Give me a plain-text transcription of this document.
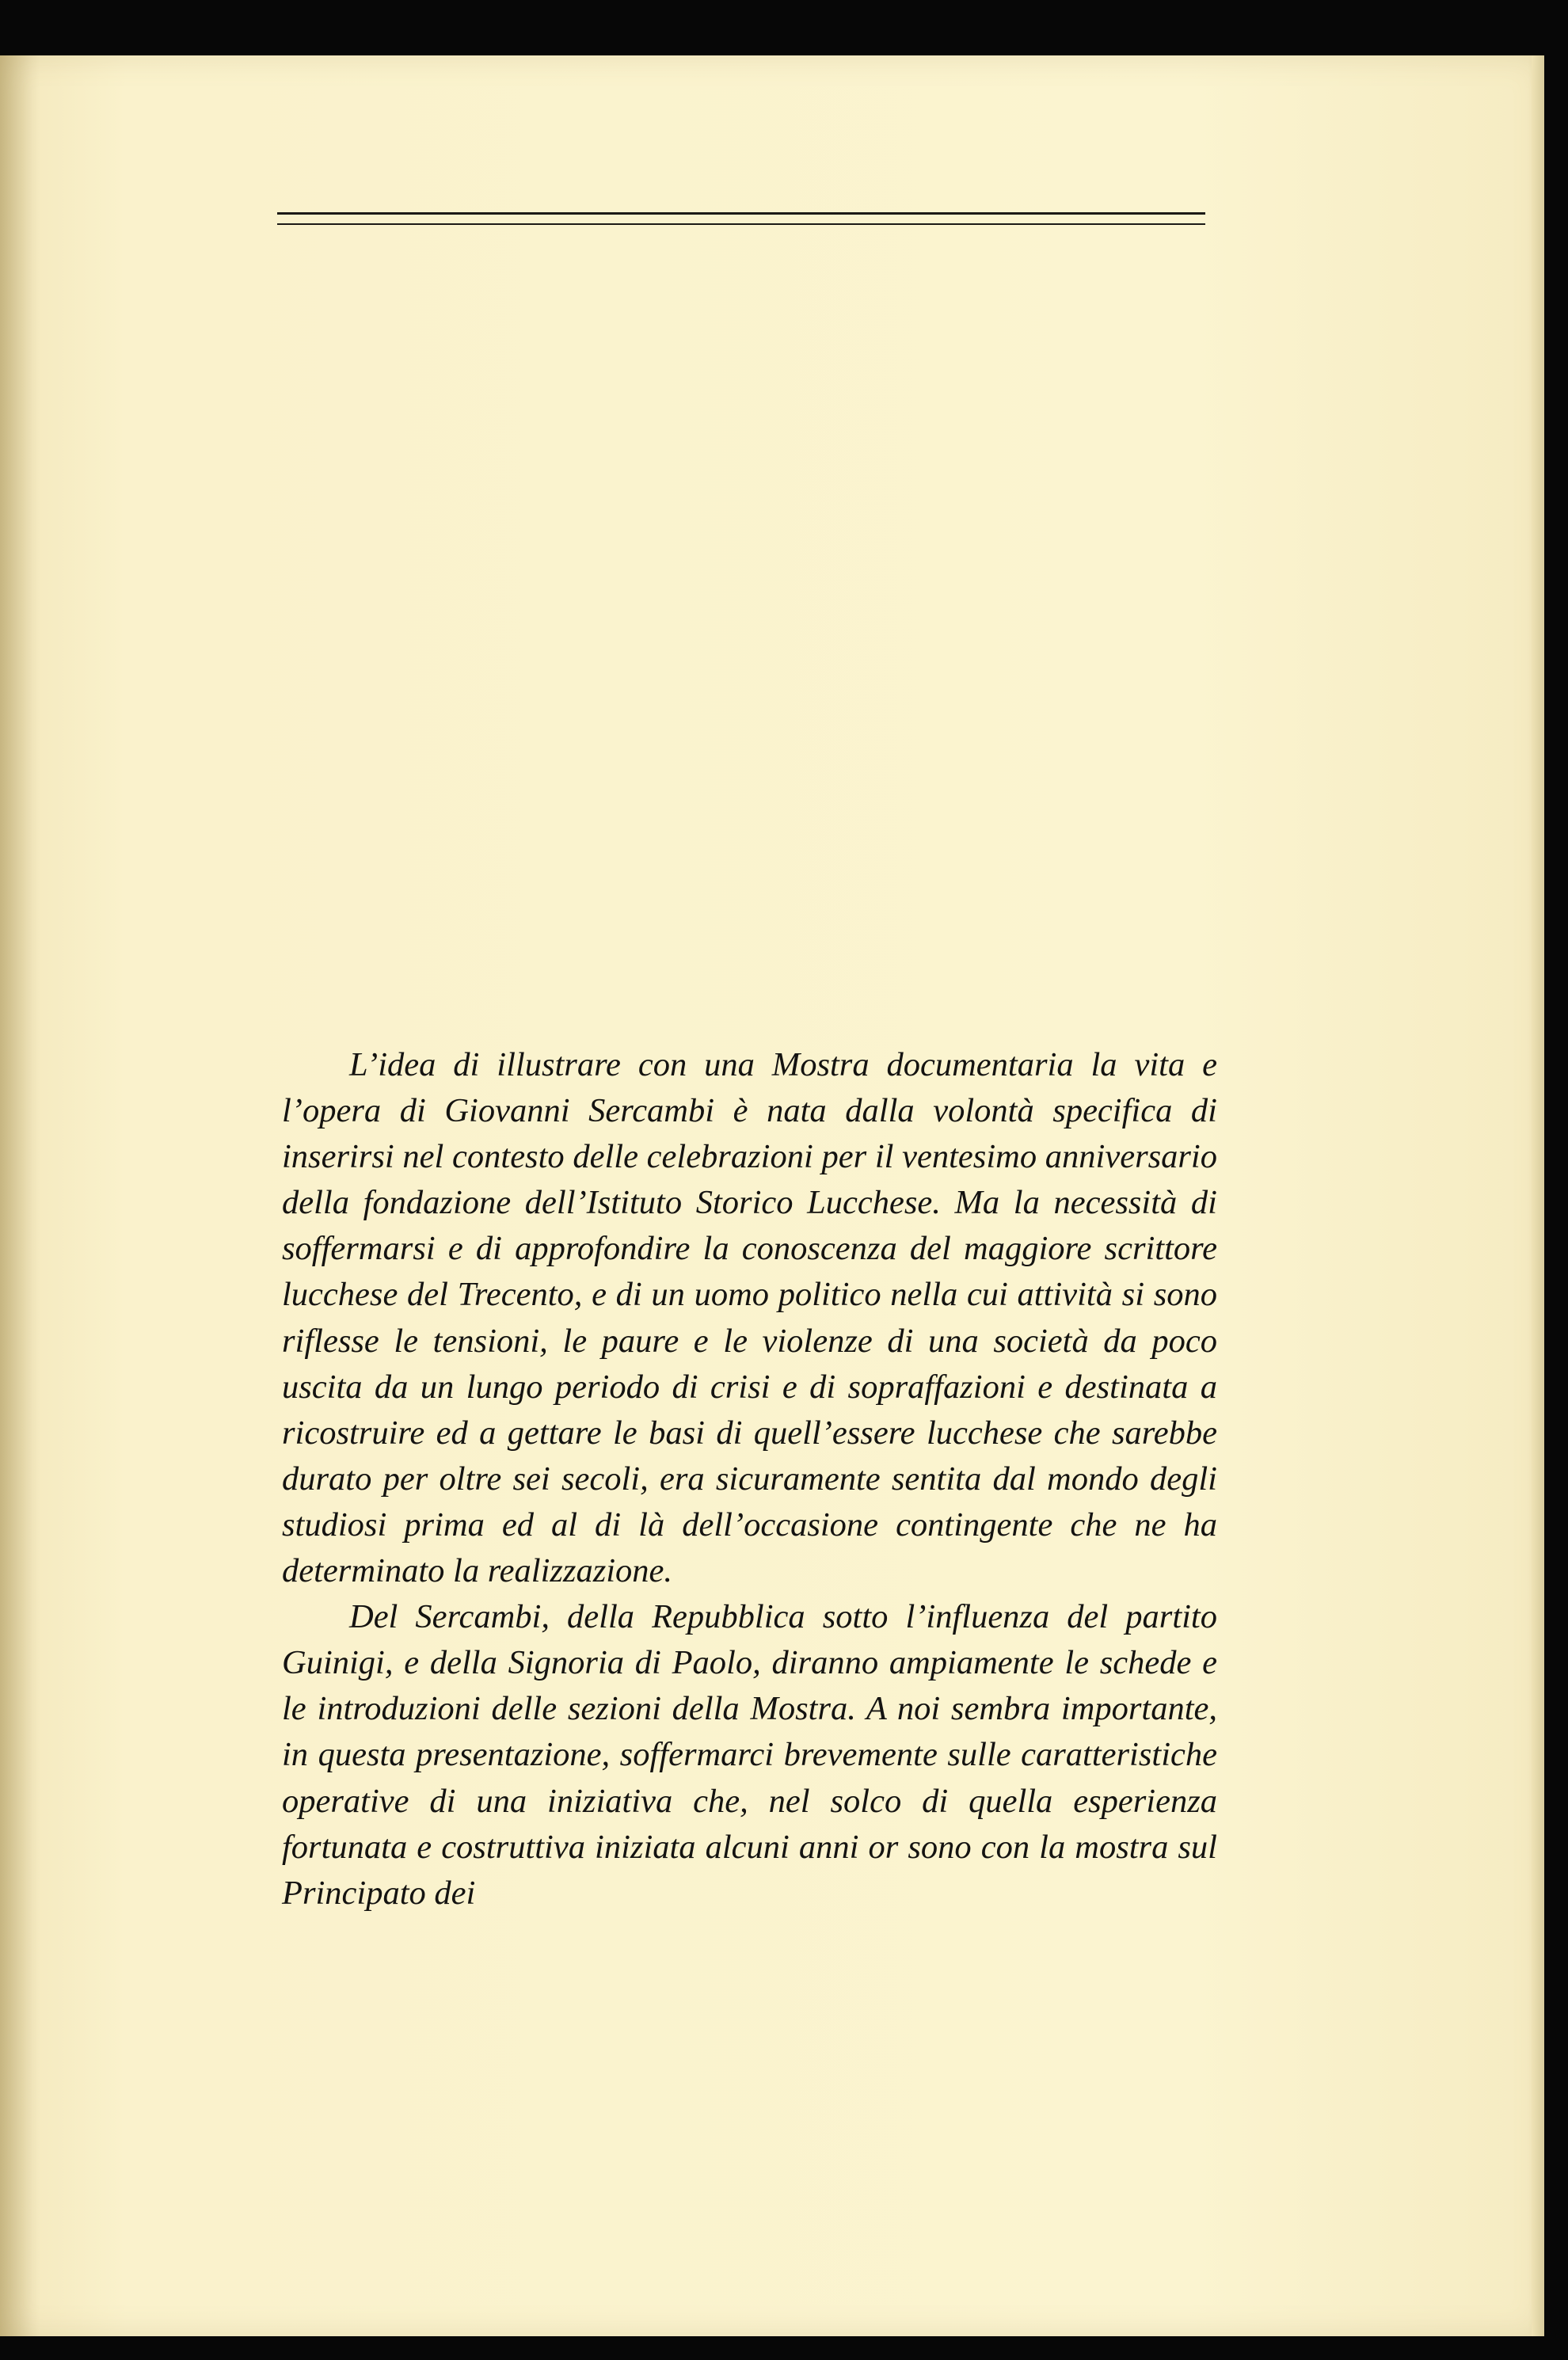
L’idea di illustrare con una Mostra documentaria la vita e l’opera di Giovanni Sercambi è nata dalla volontà specifica di inserirsi nel contesto delle celebrazioni per il ventesimo anniversario della fondazione dell’Istituto Storico Lucchese. Ma la necessità di soffermarsi e di approfondire la conoscenza del maggiore scrittore lucchese del Trecento, e di un uomo politico nella cui attività si sono riflesse le tensioni, le paure e le violenze di una società da poco uscita da un lungo periodo di crisi e di sopraffazioni e destinata a ricostruire ed a gettare le basi di quell’essere lucchese che sarebbe durato per oltre sei secoli, era sicuramente sentita dal mondo degli studiosi prima ed al di là dell’occasione contingente che ne ha determinato la realizzazione.

Del Sercambi, della Repubblica sotto l’influenza del partito Guinigi, e della Signoria di Paolo, diranno ampiamente le schede e le introduzioni delle sezioni della Mostra. A noi sembra importante, in questa presentazione, soffermarci brevemente sulle caratteristiche operative di una iniziativa che, nel solco di quella esperienza fortunata e costruttiva iniziata alcuni anni or sono con la mostra sul Principato dei
